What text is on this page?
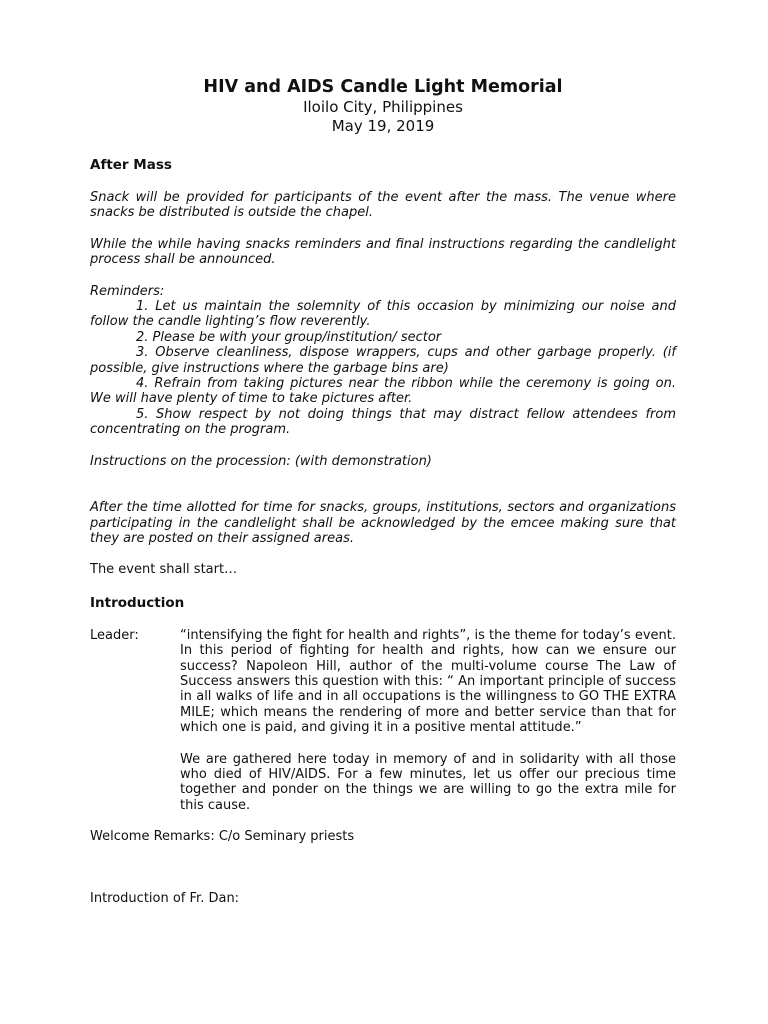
HIV and AIDS Candle Light Memorial
Iloilo City, Philippines
May 19, 2019
After Mass

Snack will be provided for participants of the event after the mass. The venue where snacks be distributed is outside the chapel.

While the while having snacks reminders and final instructions regarding the candlelight process shall be announced.

Reminders:
1. Let us maintain the solemnity of this occasion by minimizing our noise and follow the candle lighting’s flow reverently.
2. Please be with your group/institution/ sector
3. Observe cleanliness, dispose wrappers, cups and other garbage properly. (if possible, give instructions where the garbage bins are)
4. Refrain from taking pictures near the ribbon while the ceremony is going on. We will have plenty of time to take pictures after.
5. Show respect by not doing things that may distract fellow attendees from concentrating on the program.

Instructions on the procession: (with demonstration)

After the time allotted for time for snacks, groups, institutions, sectors and organizations participating in the candlelight shall be acknowledged by the emcee making sure that they are posted on their assigned areas.

The event shall start…

Introduction
Leader:	“intensifying the fight for health and rights”, is the theme for today’s event. In this period of fighting for health and rights, how can we ensure our success? Napoleon Hill, author of the multi-volume course The Law of Success answers this question with this: “ An important principle of success in all walks of life and in all occupations is the willingness to GO THE EXTRA MILE; which means the rendering of more and better service than that for which one is paid, and giving it in a positive mental attitude.”

We are gathered here today in memory of and in solidarity with all those who died of HIV/AIDS. For a few minutes, let us offer our precious time together and ponder on the things we are willing to go the extra mile for this cause.

Welcome Remarks: C/o Seminary priests

Introduction of Fr. Dan:
